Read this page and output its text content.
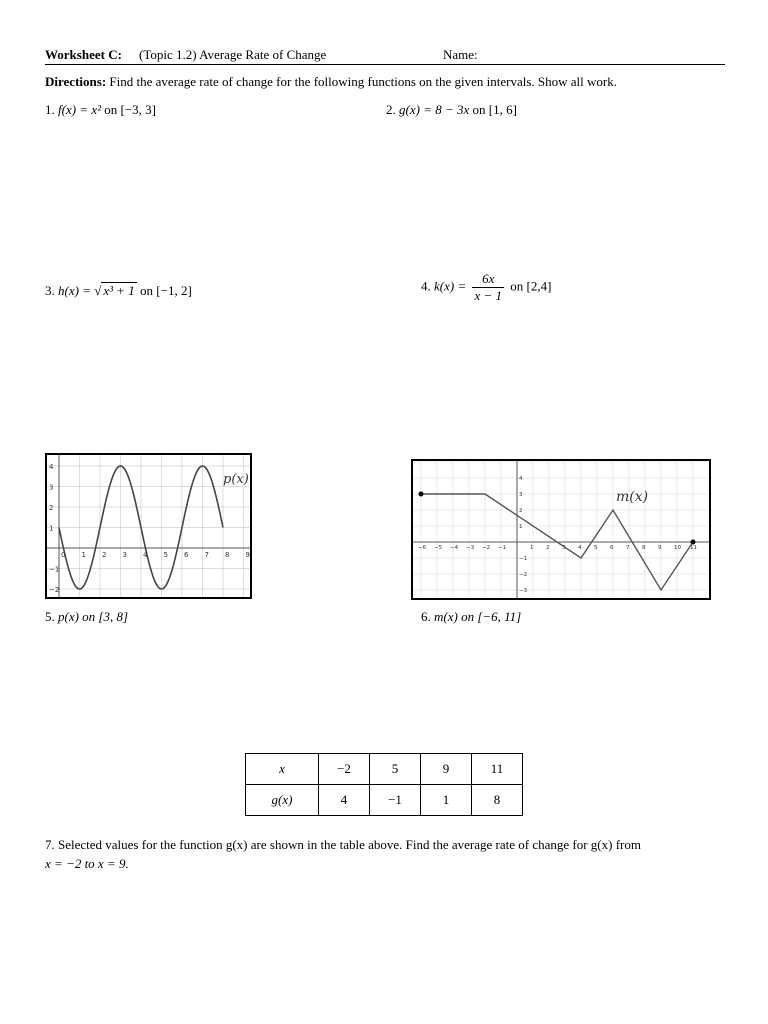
Worksheet C: (Topic 1.2) Average Rate of Change	Name:
Directions: Find the average rate of change for the following functions on the given intervals. Show all work.
1. f(x) = x² on [−3, 3]	2. g(x) = 8 − 3x on [1, 6]
3. h(x) = √ x³ + 1 on [−1, 2]	4. $k(x) = \frac{6x}{x - 1}$ on [2,4]
0 1 2 3 4 5 6 7 8 9
4
3
2
1
−1
−2
p(x)
−6 −5 −4 −3 −2 −1	1 2 3 4 5 6 7 8 9 10 11
4
3
2
1
−1
−2
−3
m(x)
5. p(x) on [3, 8]	6. m(x) on [−6, 11]
x	−2	5	9	11
g(x)	4	−1	1	8
7. Selected values for the function g(x) are shown in the table above. Find the average rate of change for g(x) from
x = −2 to x = 9.
